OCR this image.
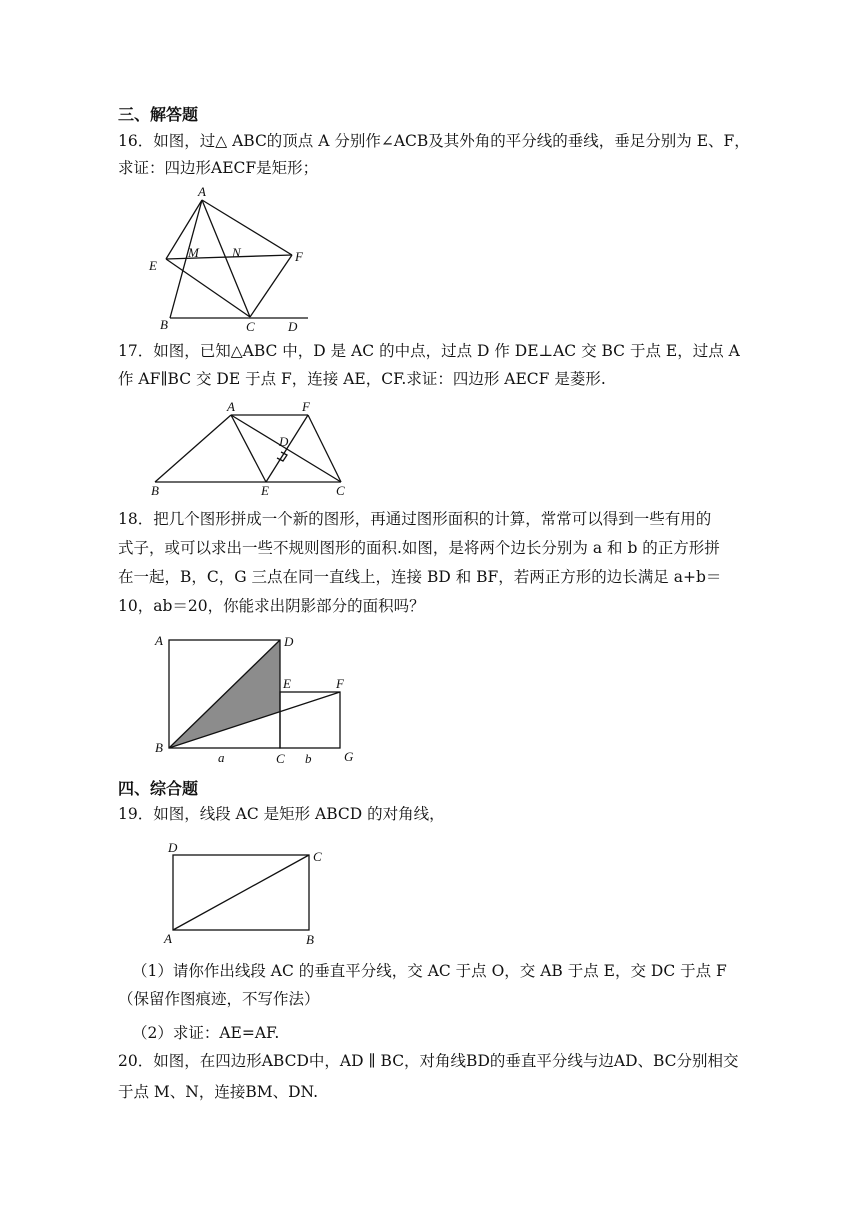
三、解答题
16．如图，过△ ABC的顶点 A 分别作∠ACB及其外角的平分线的垂线，垂足分别为 E、F，
求证：四边形AECF是矩形；
A
E
M	N	F
B	C	D
17．如图，已知△ABC 中，D 是 AC 的中点，过点 D 作 DE⊥AC 交 BC 于点 E，过点 A
作 AF∥BC 交 DE 于点 F，连接 AE，CF.求证：四边形 AECF 是菱形.
A	F
D
B	E	C
18．把几个图形拼成一个新的图形，再通过图形面积的计算，常常可以得到一些有用的
式子，或可以求出一些不规则图形的面积.如图，是将两个边长分别为 a 和 b 的正方形拼
在一起，B，C，G 三点在同一直线上，连接 BD 和 BF，若两正方形的边长满足 a+b＝
10，ab＝20，你能求出阴影部分的面积吗？
A	D
E	F
B
a	C b	G
四、综合题
19．如图，线段 AC 是矩形 ABCD 的对角线，
D
C
A	B
（1）请你作出线段 AC 的垂直平分线，交 AC 于点 O，交 AB 于点 E，交 DC 于点 F
（保留作图痕迹，不写作法）
（2）求证：AE=AF.
20．如图，在四边形ABCD中，AD ∥ BC，对角线BD的垂直平分线与边AD、BC分别相交
于点 M、N，连接BM、DN.
